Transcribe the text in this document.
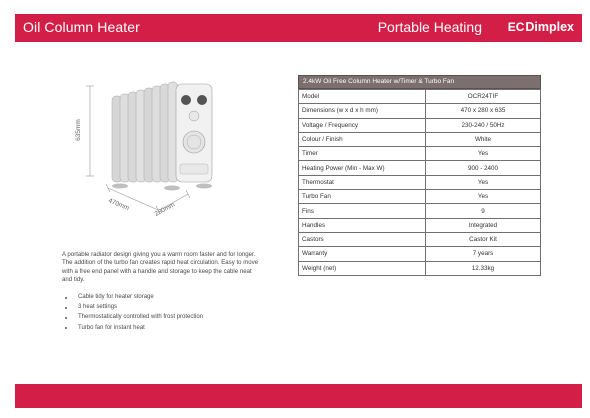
Oil Column Heater	Portable Heating EC Dimplex
635mm
470mm	280mm

A portable radiator design giving you a warm room faster and for longer. The addition of the turbo fan creates rapid heat circulation. Easy to move with a free end panel with a handle and storage to keep the cable neat and tidy.

Cable tidy for heater storage
3 heat settings
Thermostatically controlled with frost protection
Turbo fan for instant heat
2.4kW Oil Free Column Heater w/Timer & Turbo Fan
Model	OCR24TIF
Dimensions (w x d x h mm)	470 x 280 x 635
Voltage / Frequency	230-240 / 50Hz
Colour / Finish	White
Timer	Yes
Heating Power (Min - Max W)	900 - 2400
Thermostat	Yes
Turbo Fan	Yes
Fins	9
Handles	Integrated
Castors	Castor Kit
Warranty	7 years
Weight (net)	12.33kg
